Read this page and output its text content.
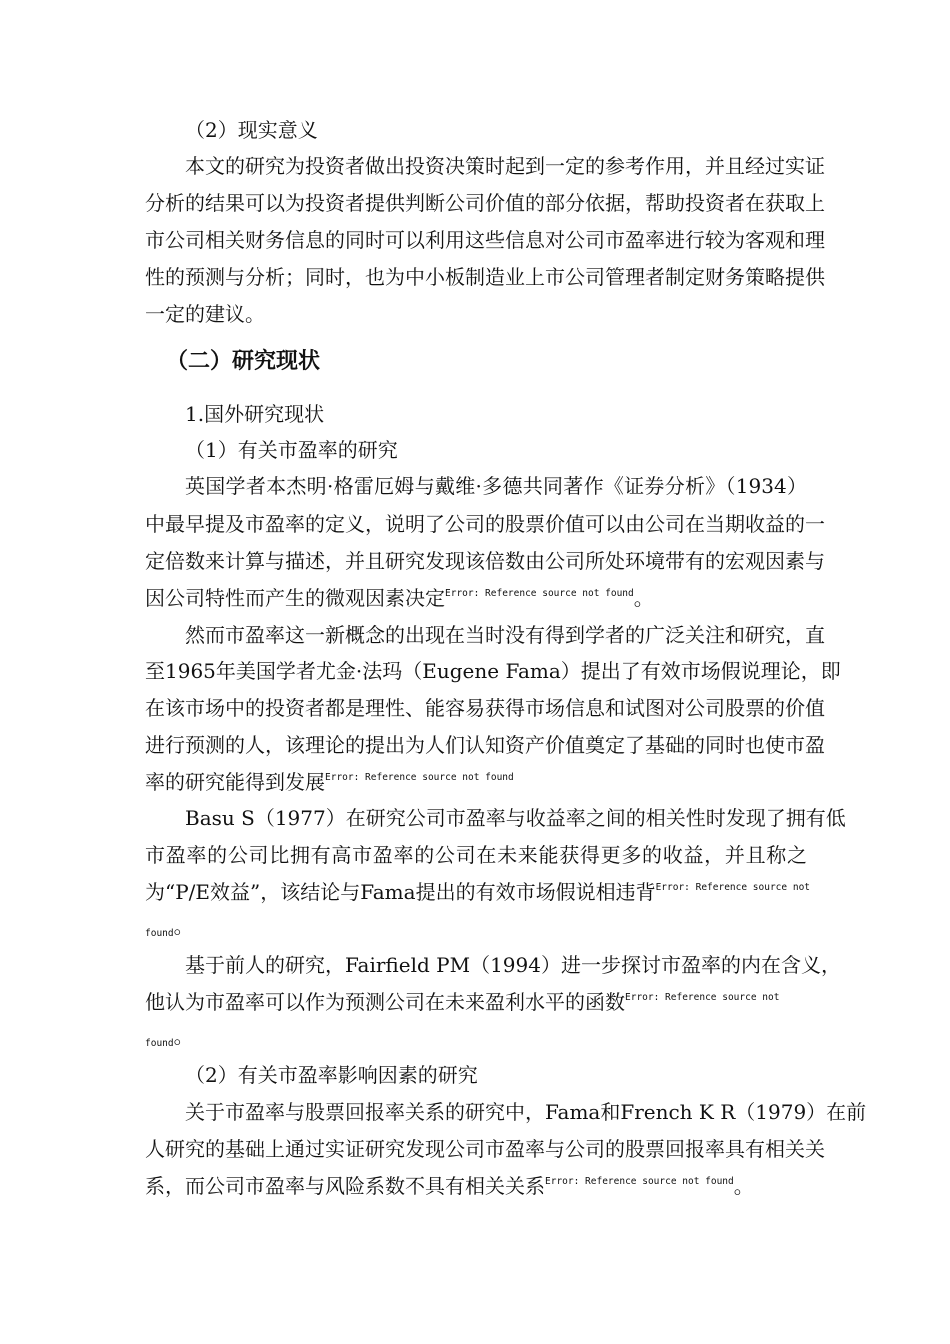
（2）现实意义
本文的研究为投资者做出投资决策时起到一定的参考作用，并且经过实证
分析的结果可以为投资者提供判断公司价值的部分依据，帮助投资者在获取上
市公司相关财务信息的同时可以利用这些信息对公司市盈率进行较为客观和理
性的预测与分析；同时，也为中小板制造业上市公司管理者制定财务策略提供
一定的建议。
（二）研究现状
1.国外研究现状
（1）有关市盈率的研究
英国学者本杰明·格雷厄姆与戴维·多德共同著作《证券分析》（1934）
中最早提及市盈率的定义，说明了公司的股票价值可以由公司在当期收益的一
定倍数来计算与描述，并且研究发现该倍数由公司所处环境带有的宏观因素与
因公司特性而产生的微观因素决定$^{Error: Reference source not found}$。
然而市盈率这一新概念的出现在当时没有得到学者的广泛关注和研究，直
至1965年美国学者尤金·法玛（Eugene Fama）提出了有效市场假说理论，即
在该市场中的投资者都是理性、能容易获得市场信息和试图对公司股票的价值
进行预测的人，该理论的提出为人们认知资产价值奠定了基础的同时也使市盈
率的研究能得到发展$^{Error: Reference source not found}$
Basu S（1977）在研究公司市盈率与收益率之间的相关性时发现了拥有低
市盈率的公司比拥有高市盈率的公司在未来能获得更多的收益，并且称之
为“P/E效益”，该结论与Fama提出的有效市场假说相违背$^{Error: Reference source not}$
found。
基于前人的研究，Fairfield PM（1994）进一步探讨市盈率的内在含义，
他认为市盈率可以作为预测公司在未来盈利水平的函数$^{Error: Reference source not}$
found。
（2）有关市盈率影响因素的研究
关于市盈率与股票回报率关系的研究中，Fama和French K R（1979）在前
人研究的基础上通过实证研究发现公司市盈率与公司的股票回报率具有相关关
系，而公司市盈率与风险系数不具有相关关系$^{Error: Reference source not found}$。
